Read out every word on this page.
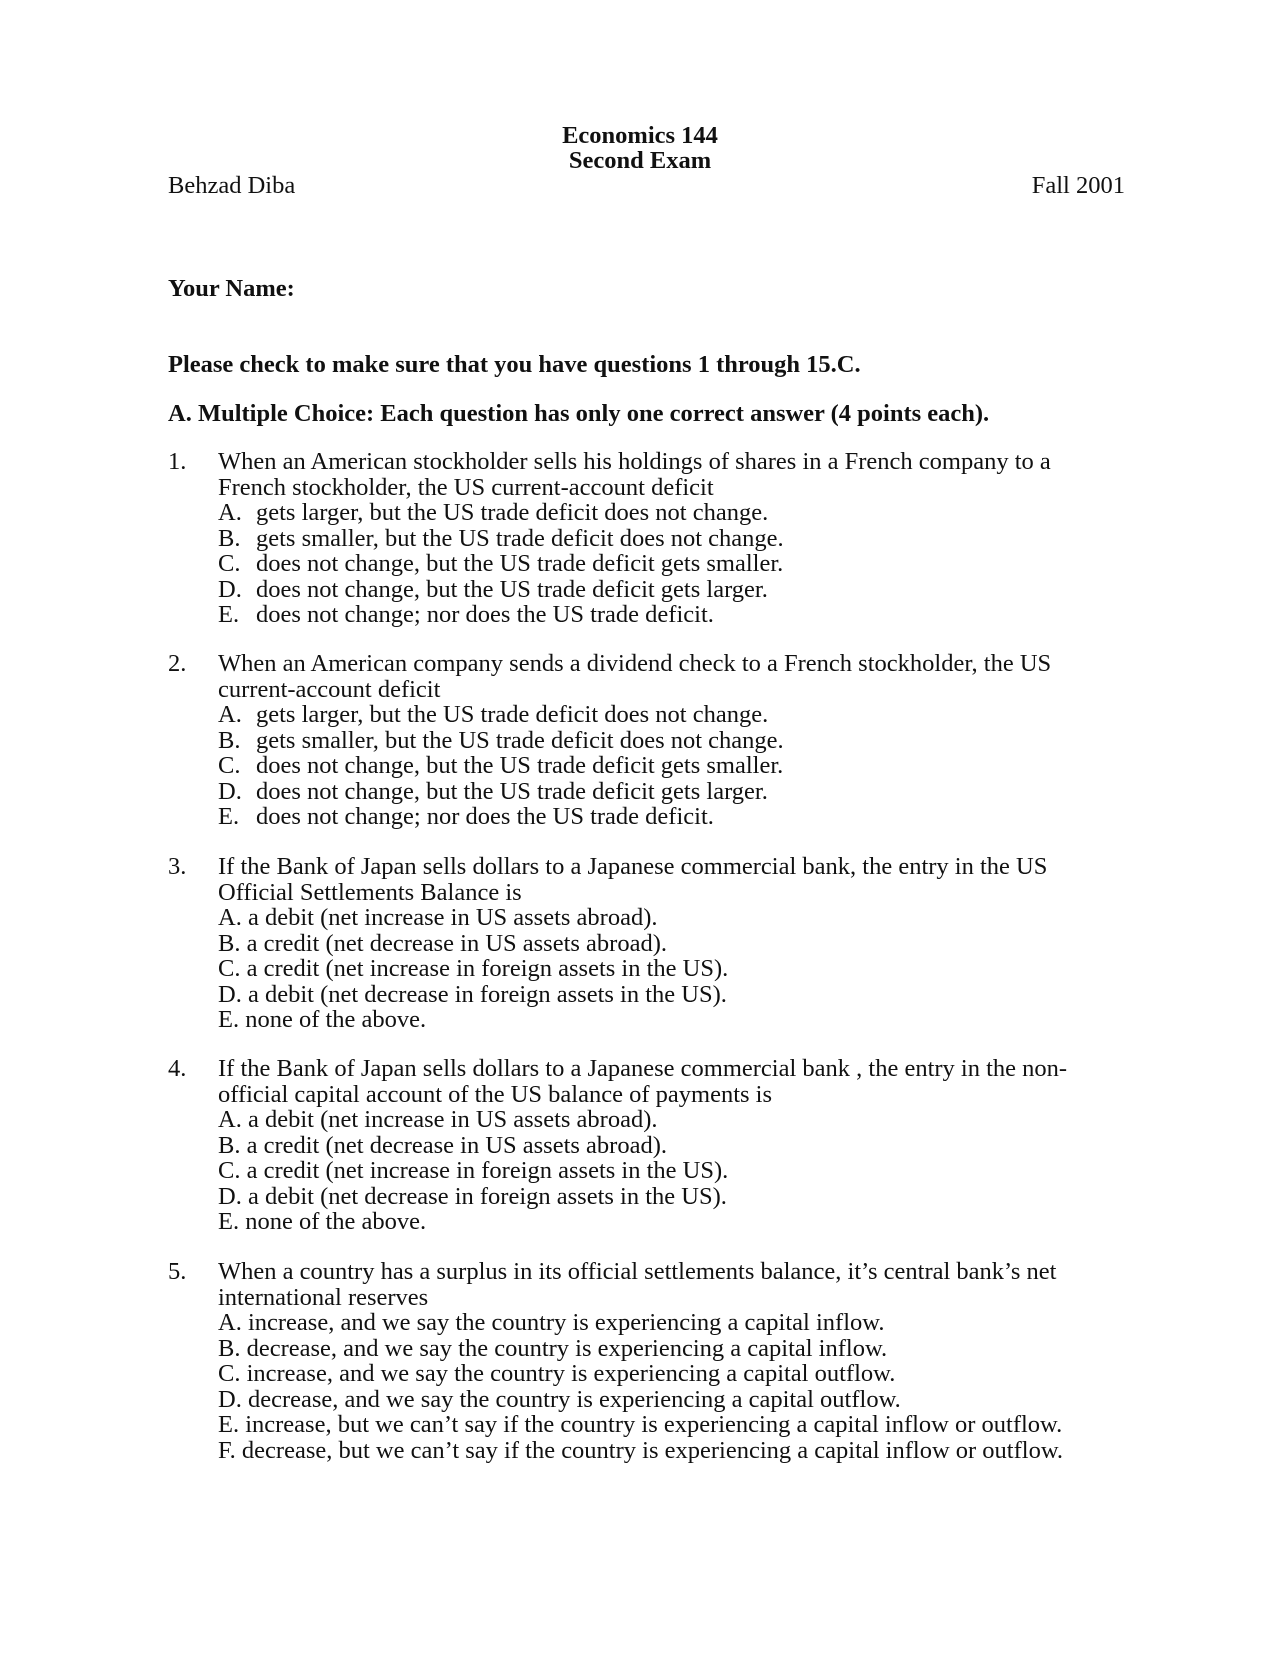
Economics 144
Second Exam
Behzad Diba	Fall 2001
Your Name:
Please check to make sure that you have questions 1 through 15.C.
A. Multiple Choice: Each question has only one correct answer (4 points each).
1. When an American stockholder sells his holdings of shares in a French company to a
French stockholder, the US current-account deficit
A. gets larger, but the US trade deficit does not change.
B. gets smaller, but the US trade deficit does not change.
C. does not change, but the US trade deficit gets smaller.
D. does not change, but the US trade deficit gets larger.
E. does not change; nor does the US trade deficit.
2. When an American company sends a dividend check to a French stockholder, the US
current-account deficit
A. gets larger, but the US trade deficit does not change.
B. gets smaller, but the US trade deficit does not change.
C. does not change, but the US trade deficit gets smaller.
D. does not change, but the US trade deficit gets larger.
E. does not change; nor does the US trade deficit.
3. If the Bank of Japan sells dollars to a Japanese commercial bank, the entry in the US
Official Settlements Balance is
A. a debit (net increase in US assets abroad).
B. a credit (net decrease in US assets abroad).
C. a credit (net increase in foreign assets in the US).
D. a debit (net decrease in foreign assets in the US).
E. none of the above.
4. If the Bank of Japan sells dollars to a Japanese commercial bank , the entry in the non-
official capital account of the US balance of payments is
A. a debit (net increase in US assets abroad).
B. a credit (net decrease in US assets abroad).
C. a credit (net increase in foreign assets in the US).
D. a debit (net decrease in foreign assets in the US).
E. none of the above.
5. When a country has a surplus in its official settlements balance, it’s central bank’s net
international reserves
A. increase, and we say the country is experiencing a capital inflow.
B. decrease, and we say the country is experiencing a capital inflow.
C. increase, and we say the country is experiencing a capital outflow.
D. decrease, and we say the country is experiencing a capital outflow.
E. increase, but we can’t say if the country is experiencing a capital inflow or outflow.
F. decrease, but we can’t say if the country is experiencing a capital inflow or outflow.
